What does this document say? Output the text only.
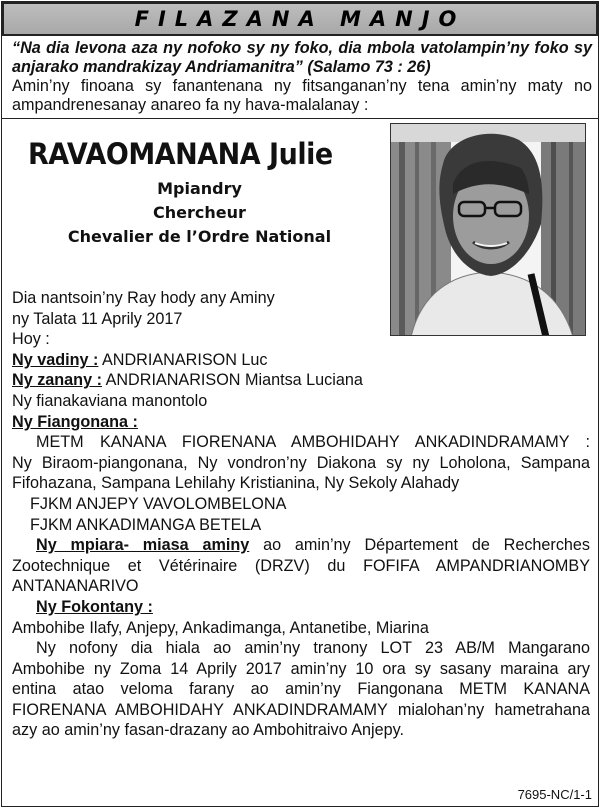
FILAZANA MANJO

“Na dia levona aza ny nofoko sy ny foko, dia mbola vatolampin’ny foko sy anjarako mandrakizay Andriamanitra” (Salamo 73 : 26)

Amin’ny finoana sy fanantenana ny fitsanganan’ny tena amin’ny maty no ampandrenesanay anareo fa ny hava-malalanay :

RAVAOMANANA Julie
Mpiandry
Chercheur
Chevalier de l’Ordre National

Dia nantsoin’ny Ray hody any Aminy

ny Talata 11 Aprily 2017

Hoy :

Ny vadiny : ANDRIANARISON Luc

Ny zanany : ANDRIANARISON Miantsa Luciana

Ny fianakaviana manontolo

Ny Fiangonana :

METM KANANA FIORENANA AMBOHIDAHY ANKADINDRAMAMY :

Ny Biraom-piangonana, Ny vondron’ny Diakona sy ny Loholona, Sampana

Fifohazana, Sampana Lehilahy Kristianina, Ny Sekoly Alahady

FJKM ANJEPY VAVOLOMBELONA

FJKM ANKADIMANGA BETELA

Ny mpiara- miasa aminy ao amin’ny Département de Recherches

Zootechnique et Vétérinaire (DRZV) du FOFIFA AMPANDRIANOMBY

ANTANANARIVO

Ny Fokontany :

Ambohibe Ilafy, Anjepy, Ankadimanga, Antanetibe, Miarina

Ny nofony dia hiala ao amin’ny tranony LOT 23 AB/M Mangarano

Ambohibe ny Zoma 14 Aprily 2017 amin’ny 10 ora sy sasany maraina ary

entina atao veloma farany ao amin’ny Fiangonana METM KANANA

FIORENANA AMBOHIDAHY ANKADINDRAMAMY mialohan’ny hametrahana

azy ao amin’ny fasan-drazany ao Ambohitraivo Anjepy.

7695-NC/1-1
